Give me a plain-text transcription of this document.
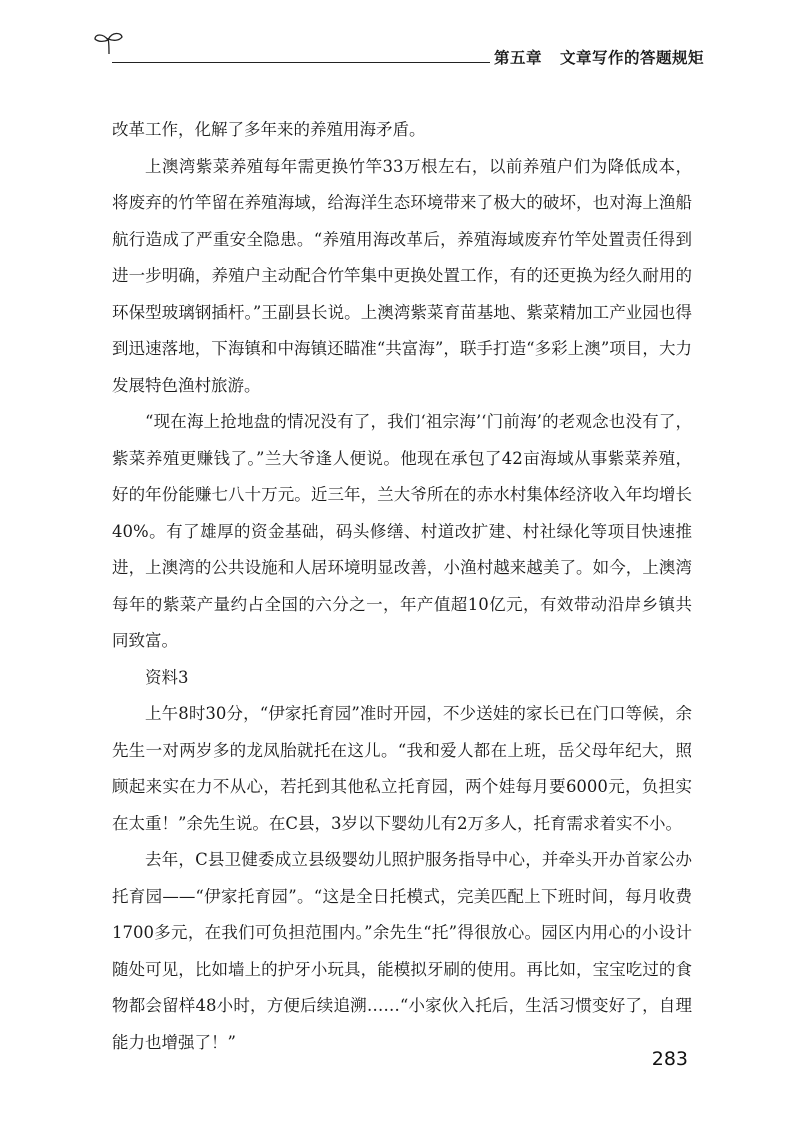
第五章 文章写作的答题规矩

改革工作，化解了多年来的养殖用海矛盾。

上澳湾紫菜养殖每年需更换竹竿33万根左右，以前养殖户们为降低成本，将废弃的竹竿留在养殖海域，给海洋生态环境带来了极大的破坏，也对海上渔船航行造成了严重安全隐患。“养殖用海改革后，养殖海域废弃竹竿处置责任得到进一步明确，养殖户主动配合竹竿集中更换处置工作，有的还更换为经久耐用的环保型玻璃钢插杆。”王副县长说。上澳湾紫菜育苗基地、紫菜精加工产业园也得到迅速落地，下海镇和中海镇还瞄准“共富海”，联手打造“多彩上澳”项目，大力发展特色渔村旅游。

“现在海上抢地盘的情况没有了，我们‘祖宗海’‘门前海’的老观念也没有了，紫菜养殖更赚钱了。”兰大爷逢人便说。他现在承包了42亩海域从事紫菜养殖，好的年份能赚七八十万元。近三年，兰大爷所在的赤水村集体经济收入年均增长40%。有了雄厚的资金基础，码头修缮、村道改扩建、村社绿化等项目快速推进，上澳湾的公共设施和人居环境明显改善，小渔村越来越美了。如今，上澳湾每年的紫菜产量约占全国的六分之一，年产值超10亿元，有效带动沿岸乡镇共同致富。

资料3

上午8时30分，“伊家托育园”准时开园，不少送娃的家长已在门口等候，余先生一对两岁多的龙凤胎就托在这儿。“我和爱人都在上班，岳父母年纪大，照顾起来实在力不从心，若托到其他私立托育园，两个娃每月要6000元，负担实在太重！”余先生说。在C县，3岁以下婴幼儿有2万多人，托育需求着实不小。

去年，C县卫健委成立县级婴幼儿照护服务指导中心，并牵头开办首家公办托育园——“伊家托育园”。“这是全日托模式，完美匹配上下班时间，每月收费1700多元，在我们可负担范围内。”余先生“托”得很放心。园区内用心的小设计随处可见，比如墙上的护牙小玩具，能模拟牙刷的使用。再比如，宝宝吃过的食物都会留样48小时，方便后续追溯……“小家伙入托后，生活习惯变好了，自理能力也增强了！”

283
